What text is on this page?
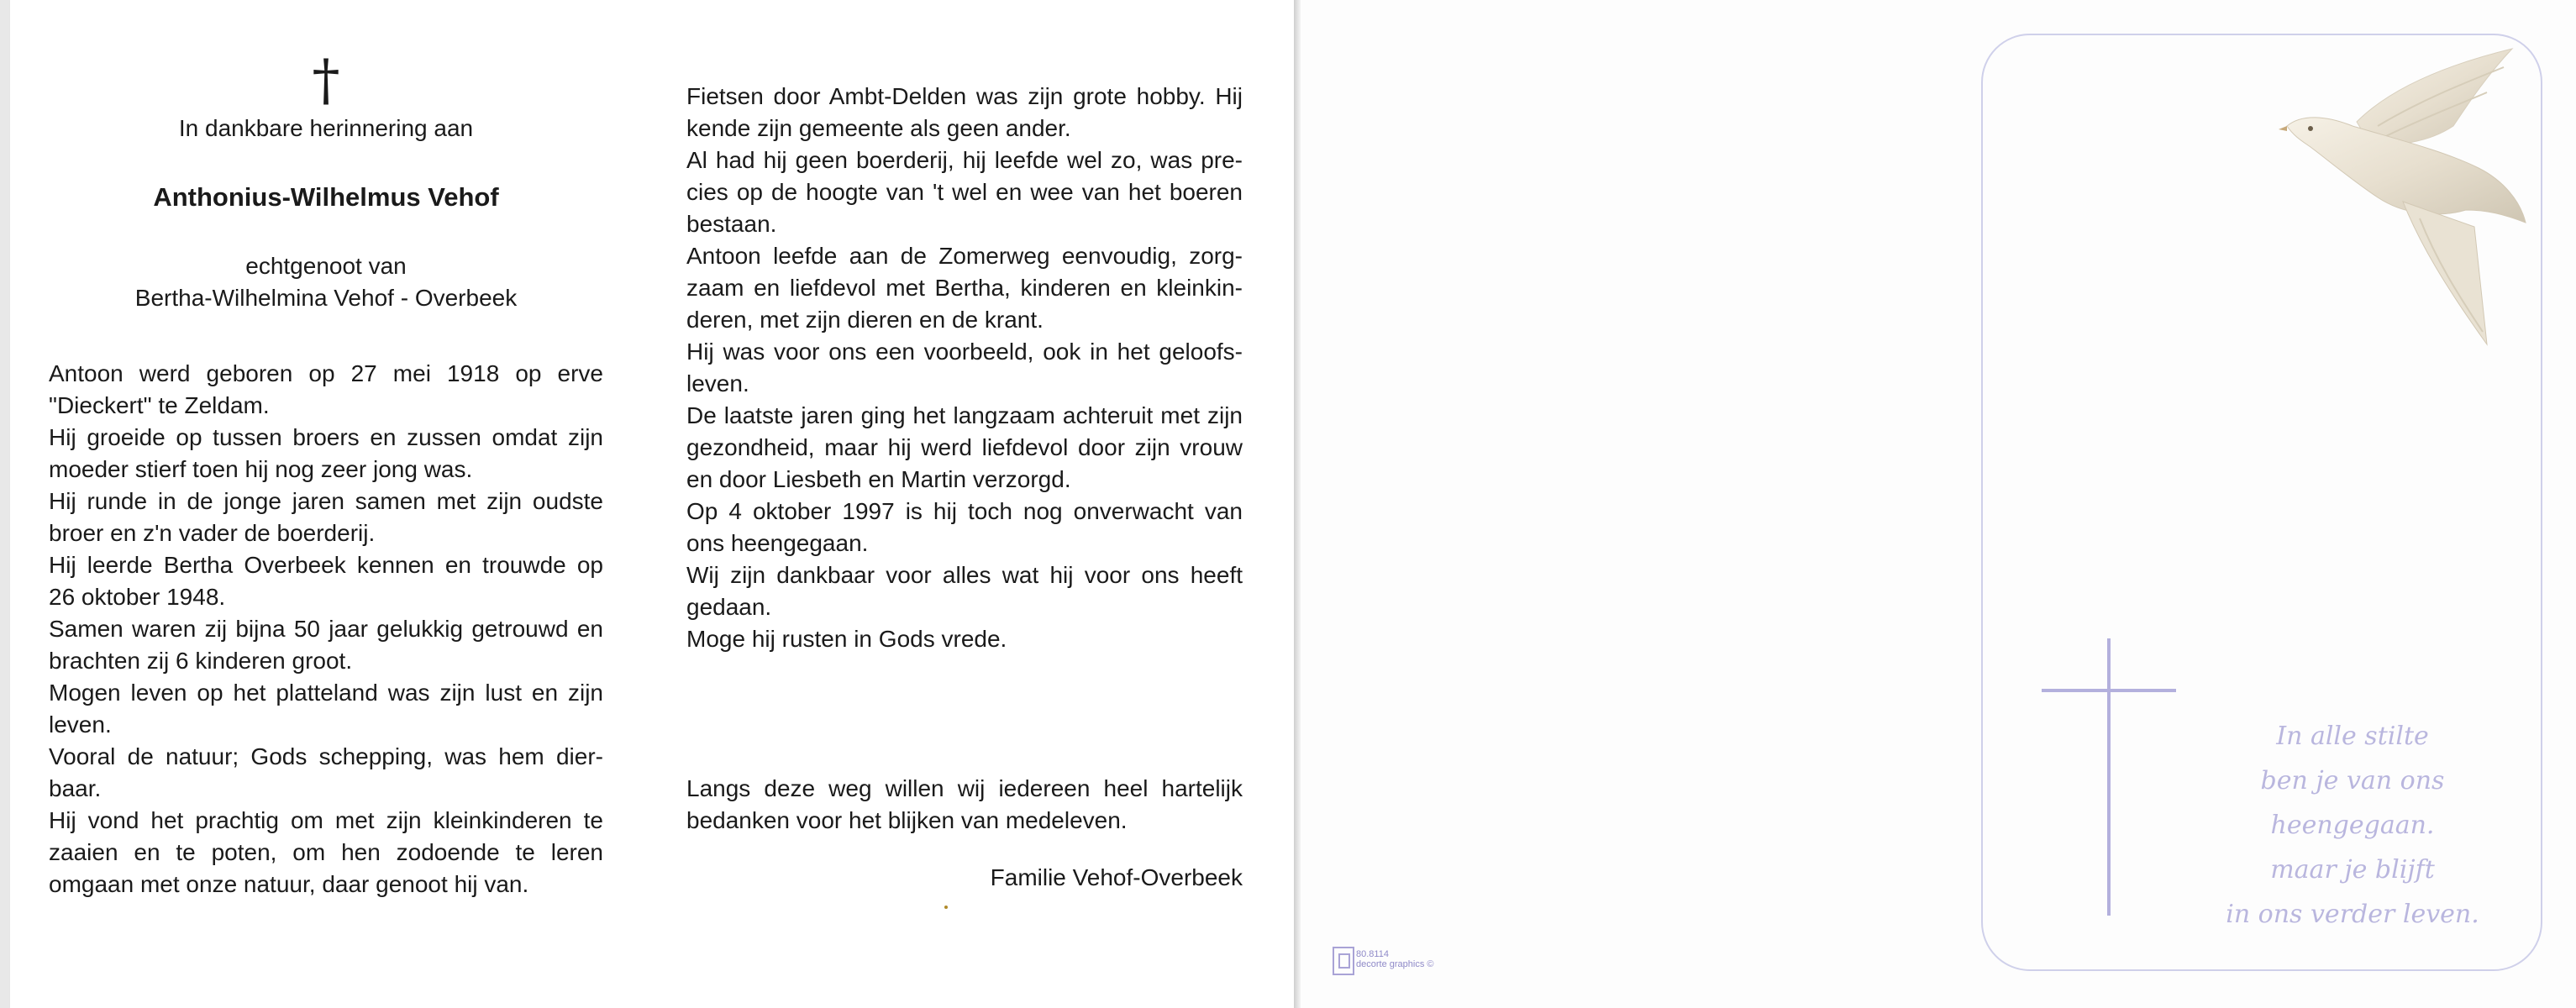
†
In dankbare herinnering aan
Anthonius-Wilhelmus Vehof
echtgenoot van
Bertha-Wilhelmina Vehof - Overbeek

Antoon werd geboren op 27 mei 1918 op erve "Dieckert" te Zeldam.

Hij groeide op tussen broers en zussen omdat zijn moeder stierf toen hij nog zeer jong was.

Hij runde in de jonge jaren samen met zijn oudste broer en z'n vader de boerderij.

Hij leerde Bertha Overbeek kennen en trouwde op 26 oktober 1948.

Samen waren zij bijna 50 jaar gelukkig getrouwd en brachten zij 6 kinderen groot.

Mogen leven op het platteland was zijn lust en zijn leven.

Vooral de natuur; Gods schepping, was hem dier-baar.

Hij vond het prachtig om met zijn kleinkinderen te zaaien en te poten, om hen zodoende te leren omgaan met onze natuur, daar genoot hij van.

Fietsen door Ambt-Delden was zijn grote hobby. Hij kende zijn gemeente als geen ander.

Al had hij geen boerderij, hij leefde wel zo, was pre-cies op de hoogte van 't wel en wee van het boeren bestaan.

Antoon leefde aan de Zomerweg eenvoudig, zorg-zaam en liefdevol met Bertha, kinderen en kleinkin-deren, met zijn dieren en de krant.

Hij was voor ons een voorbeeld, ook in het geloofs-leven.

De laatste jaren ging het langzaam achteruit met zijn gezondheid, maar hij werd liefdevol door zijn vrouw en door Liesbeth en Martin verzorgd.

Op 4 oktober 1997 is hij toch nog onverwacht van ons heengegaan.

Wij zijn dankbaar voor alles wat hij voor ons heeft gedaan.

Moge hij rusten in Gods vrede.

Langs deze weg willen wij iedereen heel hartelijk bedanken voor het blijken van medeleven.

Familie Vehof-Overbeek
In alle stilte
ben je van ons heengegaan.
maar je blijft
in ons verder leven.
80.8114
decorte graphics ©
